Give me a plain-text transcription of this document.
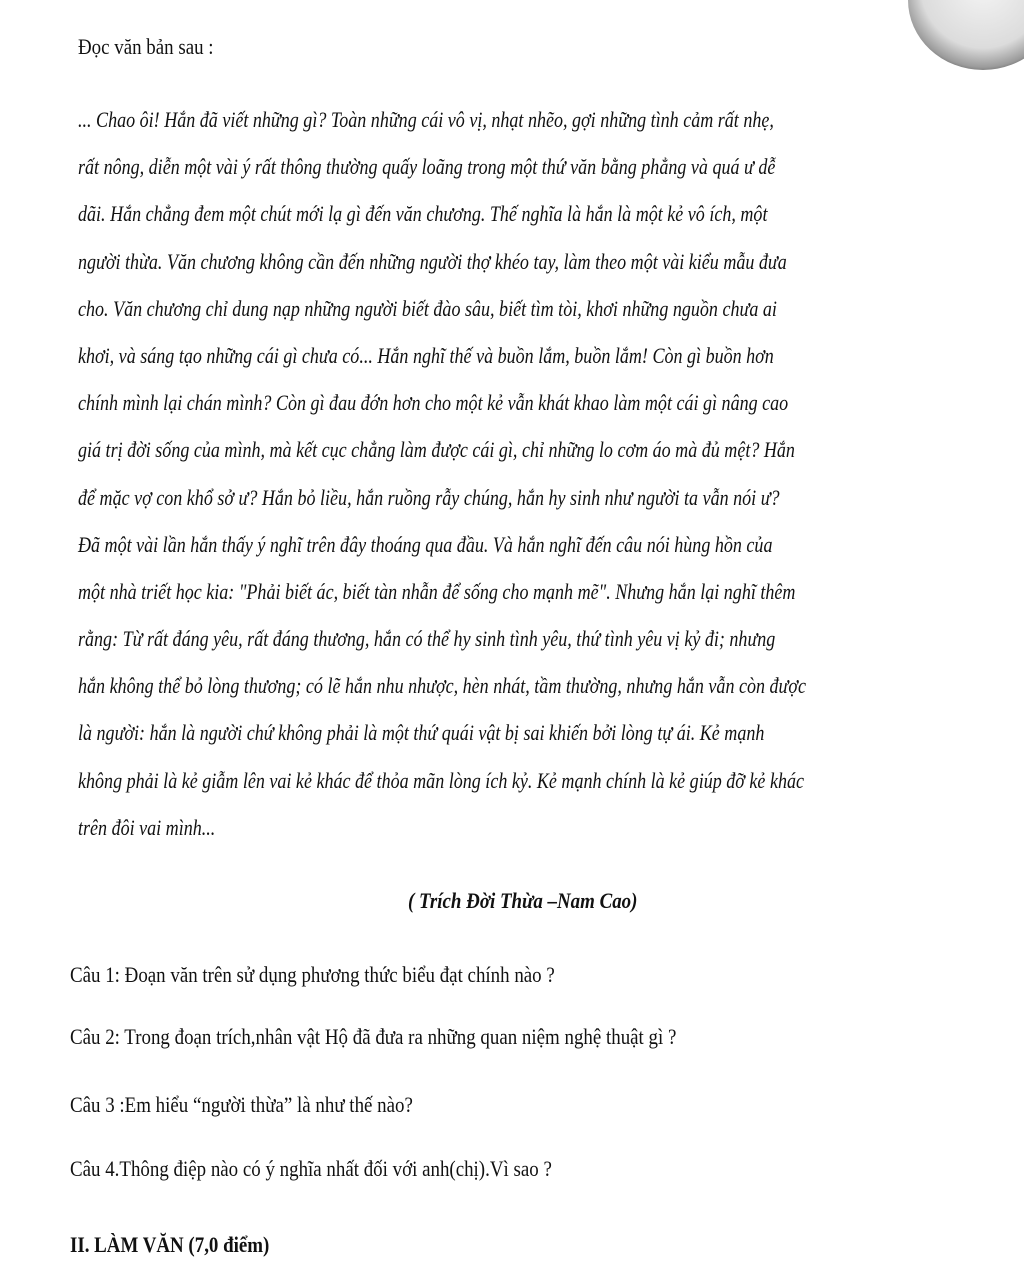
Đọc văn bản sau :
... Chao ôi! Hắn đã viết những gì? Toàn những cái vô vị, nhạt nhẽo, gợi những tình cảm rất nhẹ,
rất nông, diễn một vài ý rất thông thường quấy loãng trong một thứ văn bằng phẳng và quá ư dễ
dãi. Hắn chẳng đem một chút mới lạ gì đến văn chương. Thế nghĩa là hắn là một kẻ vô ích, một
người thừa. Văn chương không cần đến những người thợ khéo tay, làm theo một vài kiểu mẫu đưa
cho. Văn chương chỉ dung nạp những người biết đào sâu, biết tìm tòi, khơi những nguồn chưa ai
khơi, và sáng tạo những cái gì chưa có... Hắn nghĩ thế và buồn lắm, buồn lắm! Còn gì buồn hơn
chính mình lại chán mình? Còn gì đau đớn hơn cho một kẻ vẫn khát khao làm một cái gì nâng cao
giá trị đời sống của mình, mà kết cục chẳng làm được cái gì, chỉ những lo cơm áo mà đủ mệt? Hắn
để mặc vợ con khổ sở ư? Hắn bỏ liều, hắn ruồng rẫy chúng, hắn hy sinh như người ta vẫn nói ư?
Đã một vài lần hắn thấy ý nghĩ trên đây thoáng qua đầu. Và hắn nghĩ đến câu nói hùng hồn của
một nhà triết học kia: "Phải biết ác, biết tàn nhẫn để sống cho mạnh mẽ". Nhưng hắn lại nghĩ thêm
rằng: Từ rất đáng yêu, rất đáng thương, hắn có thể hy sinh tình yêu, thứ tình yêu vị kỷ đi; nhưng
hắn không thể bỏ lòng thương; có lẽ hắn nhu nhược, hèn nhát, tầm thường, nhưng hắn vẫn còn được
là người: hắn là người chứ không phải là một thứ quái vật bị sai khiến bởi lòng tự ái. Kẻ mạnh
không phải là kẻ giẫm lên vai kẻ khác để thỏa mãn lòng ích kỷ. Kẻ mạnh chính là kẻ giúp đỡ kẻ khác
trên đôi vai mình...
( Trích Đời Thừa –Nam Cao)
Câu 1: Đoạn văn trên sử dụng phương thức biểu đạt chính nào ?
Câu 2: Trong đoạn trích,nhân vật Hộ đã đưa ra những quan niệm nghệ thuật gì ?
Câu 3 :Em hiểu “người thừa” là như thế nào?
Câu 4.Thông điệp nào có ý nghĩa nhất đối với anh(chị).Vì sao ?
II. LÀM VĂN (7,0 điểm)
